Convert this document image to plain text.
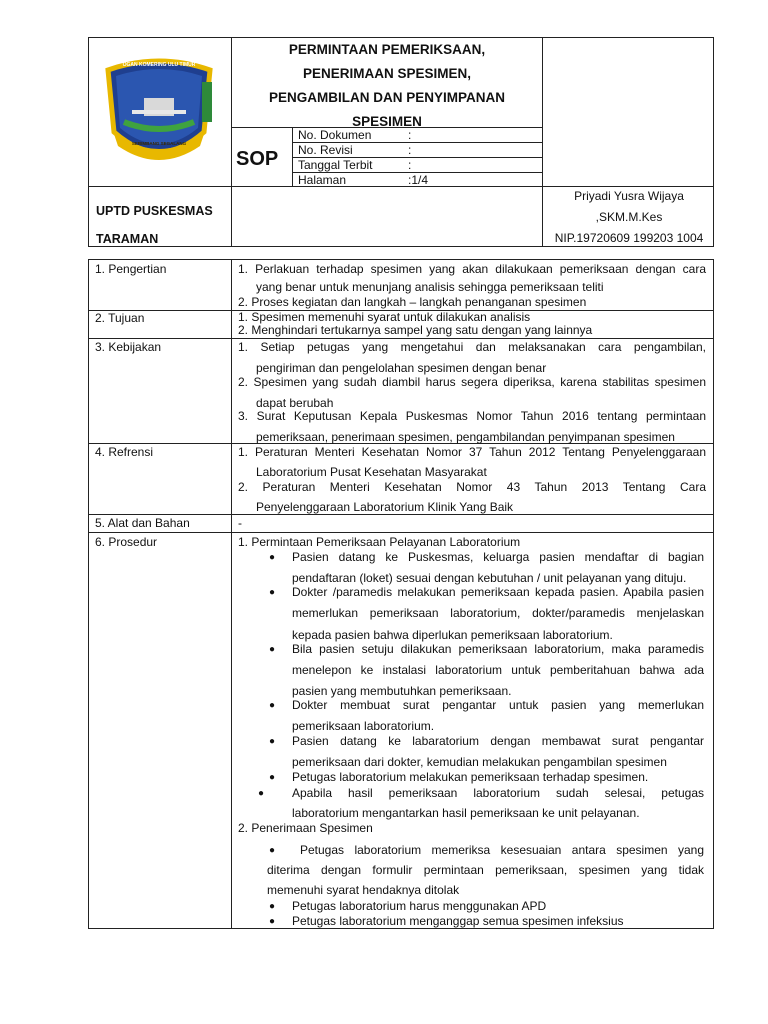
OGAN KOMERING ULU TIMUR
SEBIMBANG SEGALANG
PERMINTAAN PEMERIKSAAN,
PENERIMAAN SPESIMEN,
PENGAMBILAN DAN PENYIMPANAN
SPESIMEN
SOP
No. Dokumen	:
No. Revisi	:
Tanggal Terbit	:
Halaman	:1/4
UPTD PUSKESMAS
TARAMAN
Priyadi Yusra Wijaya
,SKM.M.Kes
NIP.19720609 199203 1004
1. Pengertian	1. Perlakuan terhadap spesimen yang akan dilakukaan pemeriksaan dengan cara
yang benar untuk menunjang analisis sehingga pemeriksaan teliti
2. Proses kegiatan dan langkah – langkah penanganan spesimen
2. Tujuan	1. Spesimen memenuhi syarat untuk dilakukan analisis
2. Menghindari tertukarnya sampel yang satu dengan yang lainnya
3. Kebijakan	1. Setiap petugas yang mengetahui dan melaksanakan cara pengambilan,
pengiriman dan pengelolahan spesimen dengan benar
2. Spesimen yang sudah diambil harus segera diperiksa, karena stabilitas spesimen
dapat berubah
3. Surat Keputusan Kepala Puskesmas Nomor Tahun 2016 tentang permintaan
pemeriksaan, penerimaan spesimen, pengambilandan penyimpanan spesimen
4. Refrensi	1. Peraturan Menteri Kesehatan Nomor 37 Tahun 2012 Tentang Penyelenggaraan
Laboratorium Pusat Kesehatan Masyarakat
2. Peraturan Menteri Kesehatan Nomor 43 Tahun 2013 Tentang Cara
Penyelenggaraan Laboratorium Klinik Yang Baik
5. Alat dan Bahan	-
6. Prosedur	1. Permintaan Pemeriksaan Pelayanan Laboratorium
● Pasien datang ke Puskesmas, keluarga pasien mendaftar di bagian
pendaftaran (loket) sesuai dengan kebutuhan / unit pelayanan yang dituju.
● Dokter /paramedis melakukan pemeriksaan kepada pasien. Apabila pasien
memerlukan pemeriksaan laboratorium, dokter/paramedis menjelaskan
kepada pasien bahwa diperlukan pemeriksaan laboratorium.
● Bila pasien setuju dilakukan pemeriksaan laboratorium, maka paramedis
menelepon ke instalasi laboratorium untuk pemberitahuan bahwa ada
pasien yang membutuhkan pemeriksaan.
● Dokter membuat surat pengantar untuk pasien yang memerlukan
pemeriksaan laboratorium.
● Pasien datang ke labaratorium dengan membawat surat pengantar
pemeriksaan dari dokter, kemudian melakukan pengambilan spesimen
● Petugas laboratorium melakukan pemeriksaan terhadap spesimen.
● Apabila hasil pemeriksaan laboratorium sudah selesai, petugas
laboratorium mengantarkan hasil pemeriksaan ke unit pelayanan.
2. Penerimaan Spesimen
● Petugas laboratorium memeriksa kesesuaian antara spesimen yang
diterima dengan formulir permintaan pemeriksaan, spesimen yang tidak
memenuhi syarat hendaknya ditolak
● Petugas laboratorium harus menggunakan APD
● Petugas laboratorium menganggap semua spesimen infeksius
